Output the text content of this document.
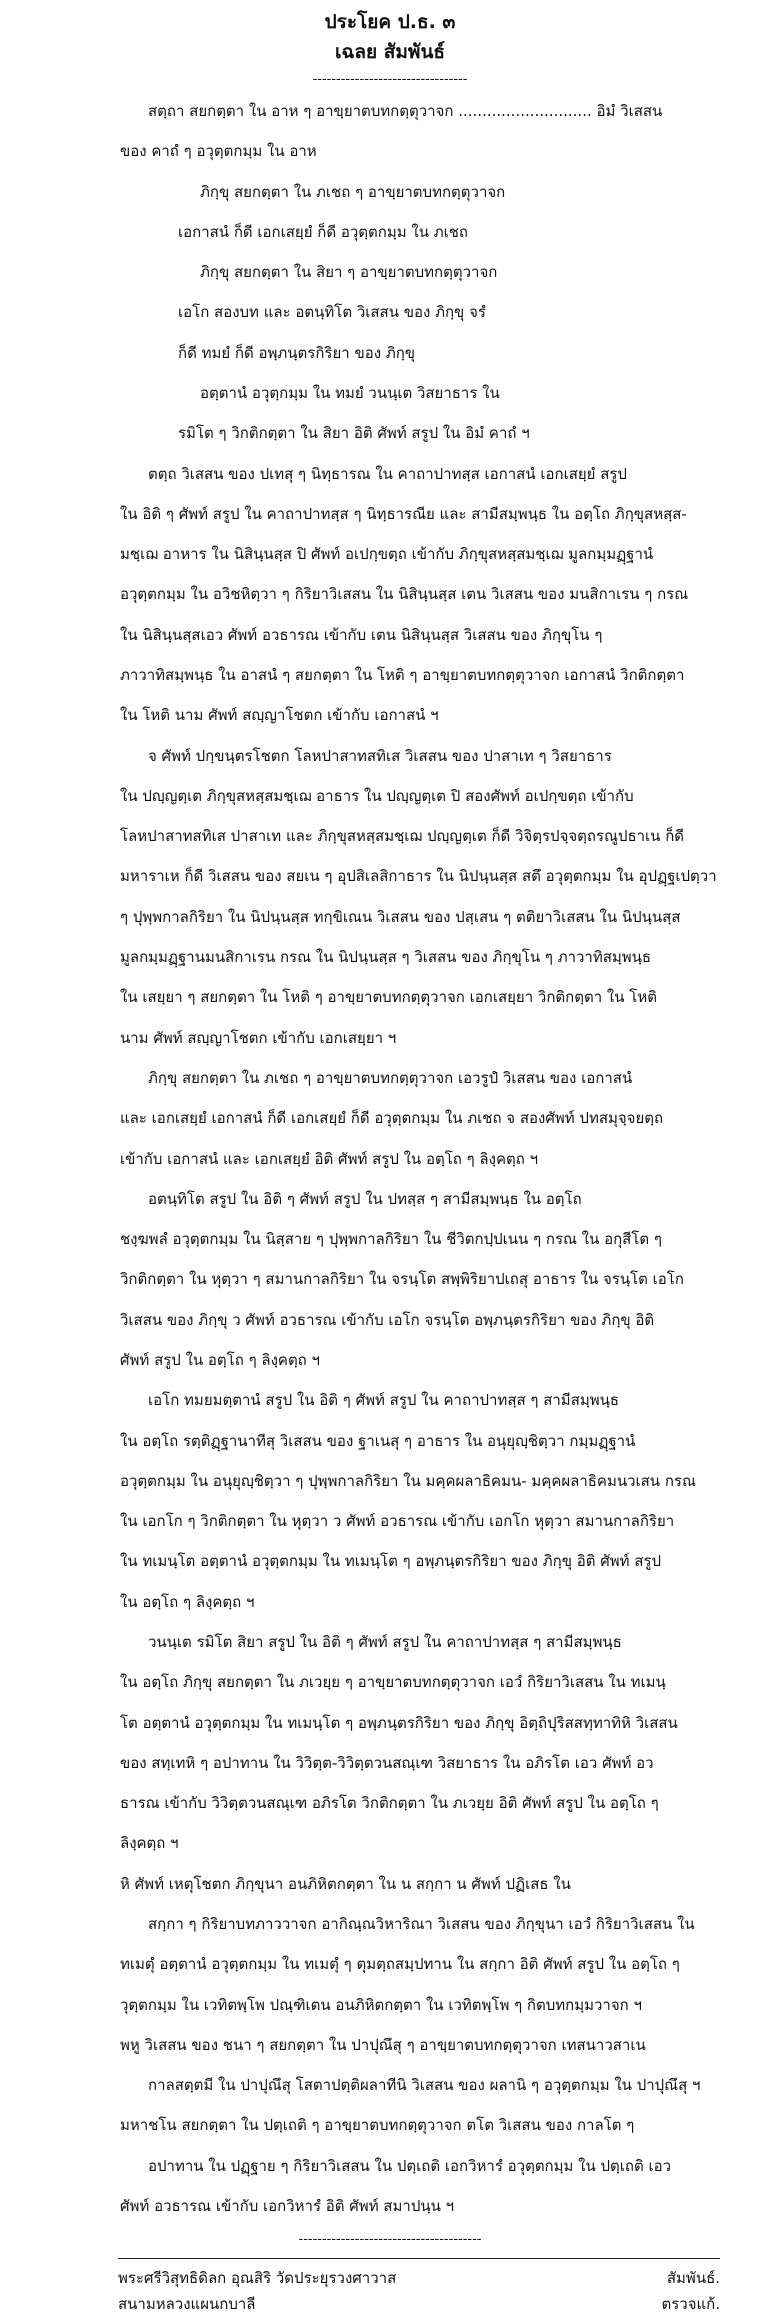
ประโยค ป.ธ. ๓
เฉลย สัมพันธ์
---------------------------------
สตฺถา สยกตฺตา ใน อาห ๆ อาขฺยาตบทกตฺตุวาจก ............................ อิมํ วิเสสน
ของ คาถํ ๆ อวุตฺตกมฺม ใน อาห
ภิกฺขุ สยกตฺตา ใน ภเชถ ๆ อาขฺยาตบทกตฺตุวาจก
เอกาสนํ ก็ดี เอกเสยฺยํ ก็ดี อวุตฺตกมฺม ใน ภเชถ
ภิกฺขุ สยกตฺตา ใน สิยา ๆ อาขฺยาตบทกตฺตุวาจก
เอโก สองบท และ อตนฺทิโต วิเสสน ของ ภิกฺขุ จรํ
ก็ดี ทมยํ ก็ดี อพฺภนฺตรกิริยา ของ ภิกฺขุ
อตฺตานํ อวุตฺกมฺม ใน ทมยํ วนนฺเต วิสยาธาร ใน
รมิโต ๆ วิกติกตฺตา ใน สิยา อิติ ศัพท์ สรูป ใน อิมํ คาถํ ฯ
ตตฺถ วิเสสน ของ ปเทสุ ๆ นิทฺธารณ ใน คาถาปาทสฺส เอกาสนํ เอกเสยฺยํ สรูป
ใน อิติ ๆ ศัพท์ สรูป ใน คาถาปาทสฺส ๆ นิทฺธารณีย และ สามีสมฺพนฺธ ใน อตฺโถ ภิกฺขุสหสฺส-
มชฺเฌ อาหาร ใน นิสินฺนสฺส ปิ ศัพท์ อเปกฺขตฺถ เข้ากับ ภิกฺขุสหสฺสมชฺเฌ มูลกมฺมฏฺฐานํ
อวุตฺตกมฺม ใน อวิชหิตฺวา ๆ กิริยาวิเสสน ใน นิสินฺนสฺส เตน วิเสสน ของ มนสิกาเรน ๆ กรณ
ใน นิสินฺนสฺสเอว ศัพท์ อวธารณ เข้ากับ เตน นิสินฺนสฺส วิเสสน ของ ภิกฺขุโน ๆ
ภาวาทิสมฺพนฺธ ใน อาสนํ ๆ สยกตฺตา ใน โหติ ๆ อาขฺยาตบทกตฺตุวาจก เอกาสนํ วิกติกตฺตา
ใน โหติ นาม ศัพท์ สญฺญาโชตก เข้ากับ เอกาสนํ ฯ
จ ศัพท์ ปกฺขนฺตรโชตก โลหปาสาทสทิเส วิเสสน ของ ปาสาเท ๆ วิสยาธาร
ใน ปญฺญตฺเต ภิกฺขุสหสฺสมชฺเฌ อาธาร ใน ปญฺญตฺเต ปิ สองศัพท์ อเปกฺขตฺถ เข้ากับ
โลหปาสาทสทิเส ปาสาเท และ ภิกฺขุสหสฺสมชฺเฌ ปญฺญตฺเต ก็ดี วิจิตฺรปจฺจตฺถรณูปธาเน ก็ดี
มหาราเห ก็ดี วิเสสน ของ สยเน ๆ อุปสิเลสิกาธาร ใน นิปนฺนสฺส สตึ อวุตฺตกมฺม ใน อุปฏฺฐเปตฺวา
ๆ ปุพฺพกาลกิริยา ใน นิปนฺนสฺส ทกฺขิเณน วิเสสน ของ ปสฺเสน ๆ ตติยาวิเสสน ใน นิปนฺนสฺส
มูลกมฺมฏฺฐานมนสิกาเรน กรณ ใน นิปนฺนสฺส ๆ วิเสสน ของ ภิกฺขุโน ๆ ภาวาทิสมฺพนฺธ
ใน เสยฺยา ๆ สยกตฺตา ใน โหติ ๆ อาขฺยาตบทกตฺตุวาจก เอกเสยฺยา วิกติกตฺตา ใน โหติ
นาม ศัพท์ สญฺญาโชตก เข้ากับ เอกเสยฺยา ฯ
ภิกฺขุ สยกตฺตา ใน ภเชถ ๆ อาขฺยาตบทกตฺตุวาจก เอวรูปํ วิเสสน ของ เอกาสนํ
และ เอกเสยฺยํ เอกาสนํ ก็ดี เอกเสยฺยํ ก็ดี อวุตฺตกมฺม ใน ภเชถ จ สองศัพท์ ปทสมุจฺจยตฺถ
เข้ากับ เอกาสนํ และ เอกเสยฺยํ อิติ ศัพท์ สรูป ใน อตฺโถ ๆ ลิงฺคตฺถ ฯ
อตนฺทิโต สรูป ใน อิติ ๆ ศัพท์ สรูป ใน ปทสฺส ๆ สามีสมฺพนฺธ ใน อตฺโถ
ชงฺฆพลํ อวุตฺตกมฺม ใน นิสฺสาย ๆ ปุพฺพกาลกิริยา ใน ชีวิตกปฺปเนน ๆ กรณ ใน อกุสีโต ๆ
วิกติกตฺตา ใน หุตฺวา ๆ สมานกาลกิริยา ใน จรนฺโต สพฺพิริยาปเถสุ อาธาร ใน จรนฺโต เอโก
วิเสสน ของ ภิกฺขุ ว ศัพท์ อวธารณ เข้ากับ เอโก จรนฺโต อพฺภนฺตรกิริยา ของ ภิกฺขุ อิติ
ศัพท์ สรูป ใน อตฺโถ ๆ ลิงฺคตฺถ ฯ
เอโก ทมยมตฺตานํ สรูป ใน อิติ ๆ ศัพท์ สรูป ใน คาถาปาทสฺส ๆ สามีสมฺพนฺธ
ใน อตฺโถ รตฺติฏฺฐานาทีสุ วิเสสน ของ ฐาเนสุ ๆ อาธาร ใน อนุยุญฺชิตฺวา กมฺมฏฺฐานํ
อวุตฺตกมฺม ใน อนุยุญฺชิตฺวา ๆ ปุพฺพกาลกิริยา ใน มคฺคผลาธิคมน- มคฺคผลาธิคมนวเสน กรณ
ใน เอกโก ๆ วิกติกตฺตา ใน หุตฺวา ว ศัพท์ อวธารณ เข้ากับ เอกโก หุตฺวา สมานกาลกิริยา
ใน ทเมนฺโต อตฺตานํ อวุตฺตกมฺม ใน ทเมนฺโต ๆ อพฺภนฺตรกิริยา ของ ภิกฺขุ อิติ ศัพท์ สรูป
ใน อตฺโถ ๆ ลิงฺคตฺถ ฯ
วนนฺเต รมิโต สิยา สรูป ใน อิติ ๆ ศัพท์ สรูป ใน คาถาปาทสฺส ๆ สามีสมฺพนฺธ
ใน อตฺโถ ภิกฺขุ สยกตฺตา ใน ภเวยฺย ๆ อาขฺยาตบทกตฺตุวาจก เอวํ กิริยาวิเสสน ใน ทเมนฺ
โต อตฺตานํ อวุตฺตกมฺม ใน ทเมนฺโต ๆ อพฺภนฺตรกิริยา ของ ภิกฺขุ อิตฺถิปุริสสทฺทาทิหิ วิเสสน
ของ สทฺเทหิ ๆ อปาทาน ใน วิวิตฺต-วิวิตฺตวนสณฺเฑ วิสยาธาร ใน อภิรโต เอว ศัพท์ อว
ธารณ เข้ากับ วิวิตฺตวนสณฺเฑ อภิรโต วิกติกตฺตา ใน ภเวยฺย อิติ ศัพท์ สรูป ใน อตฺโถ ๆ
ลิงฺคตฺถ ฯ
หิ ศัพท์ เหตุโชตก ภิกฺขุนา อนภิหิตกตฺตา ใน น สกฺกา น ศัพท์ ปฏิเสธ ใน
สกฺกา ๆ กิริยาบทภาววาจก อากิณฺณวิหาริณา วิเสสน ของ ภิกฺขุนา เอวํ กิริยาวิเสสน ใน
ทเมตุํ อตฺตานํ อวุตฺตกมฺม ใน ทเมตุํ ๆ ตุมตฺถสมฺปทาน ใน สกฺกา อิติ ศัพท์ สรูป ใน อตฺโถ ๆ
วุตฺตกมฺม ใน เวทิตพฺโพ ปณฺฑิเตน อนภิหิตกตฺตา ใน เวทิตพฺโพ ๆ กิตบทกมฺมวาจก ฯ
พหู วิเสสน ของ ชนา ๆ สยกตฺตา ใน ปาปุณึสุ ๆ อาขฺยาตบทกตฺตุวาจก เทสนาวสาเน
กาลสตฺตมี ใน ปาปุณึสุ โสตาปตฺติผลาทีนิ วิเสสน ของ ผลานิ ๆ อวุตฺตกมฺม ใน ปาปุณึสุ ฯ
มหาชโน สยกตฺตา ใน ปตฺเถติ ๆ อาขฺยาตบทกตฺตุวาจก ตโต วิเสสน ของ กาลโต ๆ
อปาทาน ใน ปฏฺฐาย ๆ กิริยาวิเสสน ใน ปตฺเถติ เอกวิหารํ อวุตฺตกมฺม ใน ปตฺเถติ เอว
ศัพท์ อวธารณ เข้ากับ เอกวิหารํ อิติ ศัพท์ สมาปนฺน ฯ
---------------------------------------
พระศรีวิสุทธิดิลก อุณสิริ วัดประยุรวงศาวาส	สัมพันธ์.
สนามหลวงแผนกบาลี	ตรวจแก้.
